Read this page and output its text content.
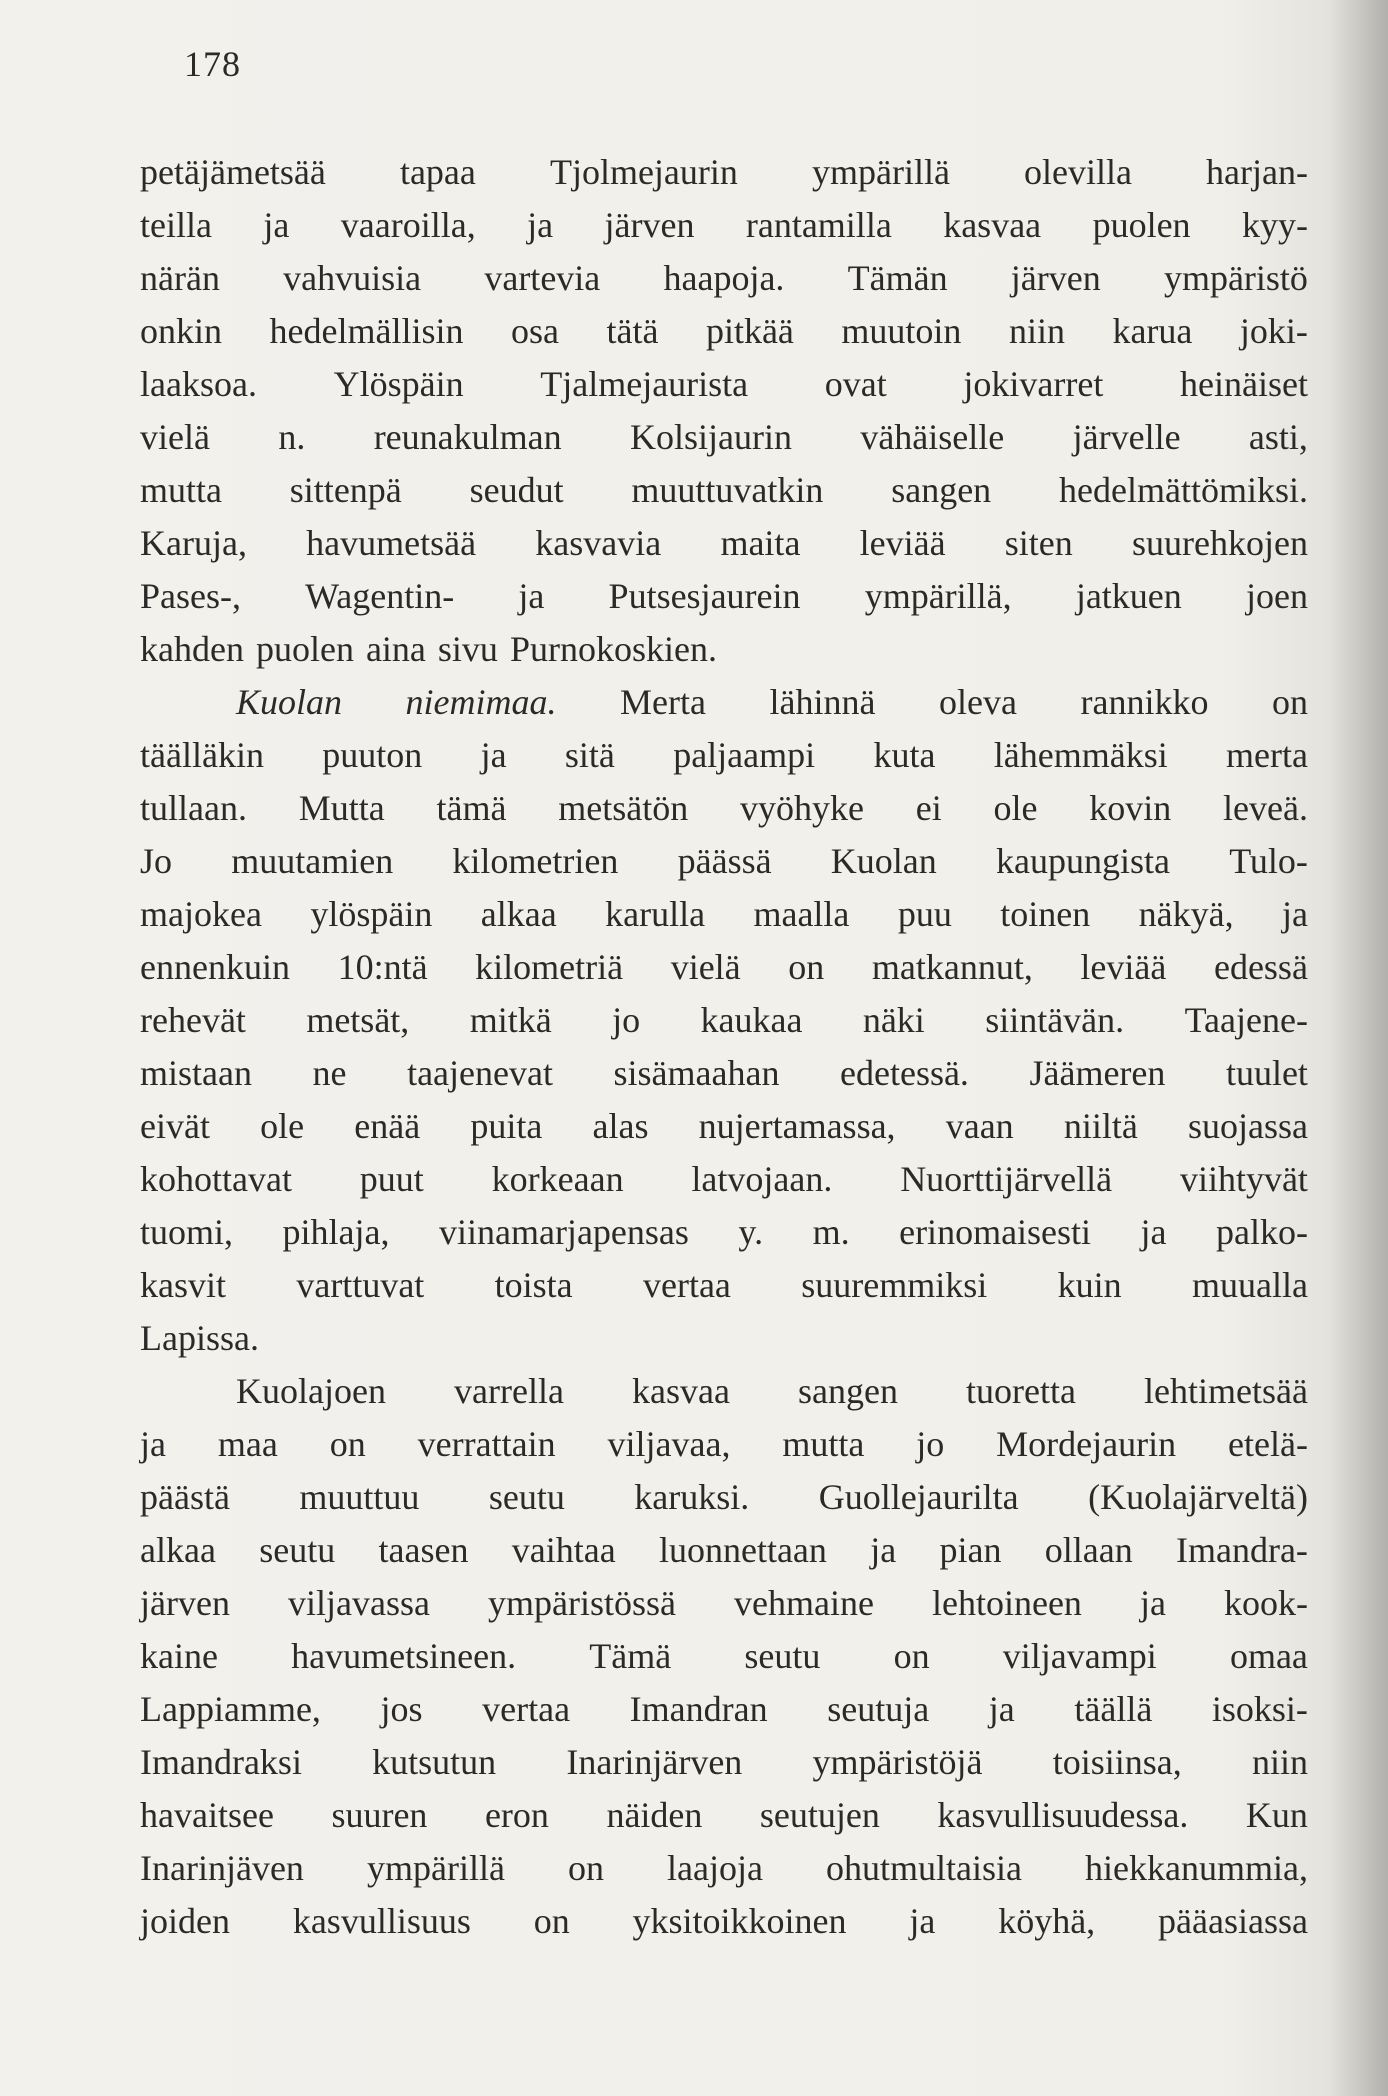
178
petäjämetsää tapaa Tjolmejaurin ympärillä olevilla harjan-
teilla ja vaaroilla, ja järven rantamilla kasvaa puolen kyy-
närän vahvuisia vartevia haapoja. Tämän järven ympäristö
onkin hedelmällisin osa tätä pitkää muutoin niin karua joki-
laaksoa. Ylöspäin Tjalmejaurista ovat jokivarret heinäiset
vielä n. reunakulman Kolsijaurin vähäiselle järvelle asti,
mutta sittenpä seudut muuttuvatkin sangen hedelmättömiksi.
Karuja, havumetsää kasvavia maita leviää siten suurehkojen
Pases-, Wagentin- ja Putsesjaurein ympärillä, jatkuen joen
kahden puolen aina sivu Purnokoskien.
Kuolan niemimaa. Merta lähinnä oleva rannikko on
täälläkin puuton ja sitä paljaampi kuta lähemmäksi merta
tullaan. Mutta tämä metsätön vyöhyke ei ole kovin leveä.
Jo muutamien kilometrien päässä Kuolan kaupungista Tulo-
majokea ylöspäin alkaa karulla maalla puu toinen näkyä, ja
ennenkuin 10:ntä kilometriä vielä on matkannut, leviää edessä
rehevät metsät, mitkä jo kaukaa näki siintävän. Taajene-
mistaan ne taajenevat sisämaahan edetessä. Jäämeren tuulet
eivät ole enää puita alas nujertamassa, vaan niiltä suojassa
kohottavat puut korkeaan latvojaan. Nuorttijärvellä viihtyvät
tuomi, pihlaja, viinamarjapensas y. m. erinomaisesti ja palko-
kasvit varttuvat toista vertaa suuremmiksi kuin muualla
Lapissa.
Kuolajoen varrella kasvaa sangen tuoretta lehtimetsää
ja maa on verrattain viljavaa, mutta jo Mordejaurin etelä-
päästä muuttuu seutu karuksi. Guollejaurilta (Kuolajärveltä)
alkaa seutu taasen vaihtaa luonnettaan ja pian ollaan Imandra-
järven viljavassa ympäristössä vehmaine lehtoineen ja kook-
kaine havumetsineen. Tämä seutu on viljavampi omaa
Lappiamme, jos vertaa Imandran seutuja ja täällä isoksi-
Imandraksi kutsutun Inarinjärven ympäristöjä toisiinsa, niin
havaitsee suuren eron näiden seutujen kasvullisuudessa. Kun
Inarinjäven ympärillä on laajoja ohutmultaisia hiekkanummia,
joiden kasvullisuus on yksitoikkoinen ja köyhä, pääasiassa
